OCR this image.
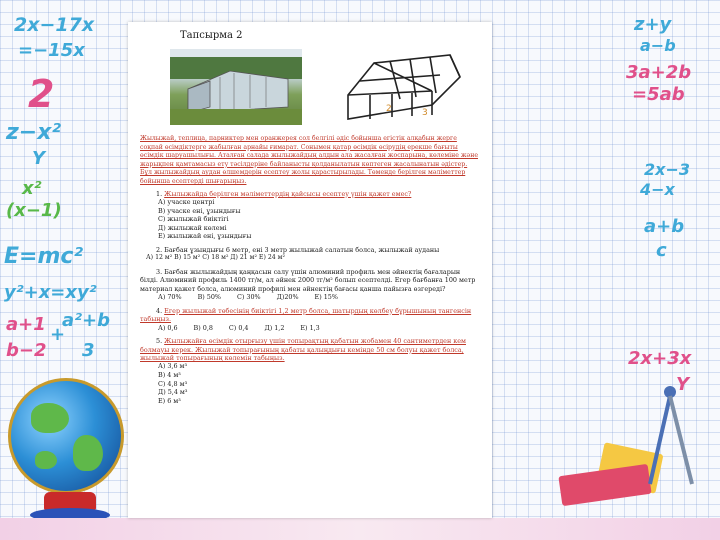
2x−17x
=−15x
2
z−x²
Y
x²
(x−1)
E=mc²
y²+x=xy²
a+1
b−2
+
a²+b
3
z+y
a−b
3a+2b
=5ab
2x−3
4−x
a+b
c
2x+3x
Y
Тапсырма 2
2	3
Жылыжай, теплица, парниктер мен оранжерея сол белгілі әдіс бойынша егістік алқабын жерге соқпай өсімдіктерге жабылған арнайы ғимарат. Сонымен қатар өсімдік өсірудің ерекше бағыты өсімдік шаруашылығы. Аталған салада жылыжайдың алдын ала жасалған жоспарына, көлеміне және жарықпен қамтамасыз ету тәсілдеріне байланысты қолданылатын көптеген жасалынатын әдістер. Бұл жылыжайдың аудан өлшемдерін есептеу жолы қарастырылады. Төменде берілген мәліметтер бойынша есептерді шығарыңыз.
1. Жылыжайда берілген мәліметтердің қайсысы есептеу үшін қажет емес?
А) учаске центрі
В) учаске ені, ұзындығы
С) жылыжай биіктігі
Д) жылыжай көлемі
Е) жылыжай ені, ұзындығы
2. Бағбан ұзындығы 6 метр, ені 3 метр жылыжай салатын болса, жылыжай ауданы
А) 12 м² В) 15 м² С) 18 м² Д) 21 м² Е) 24 м²
3. Бағбан жылыжайдың қаңқасын салу үшін алюминий профиль мен әйнектің бағаларын білді. Алюминий профиль 1400 тг/м, ал әйнек 2000 тг/м² болып есептелді. Егер бағбанға 100 метр материал қажет болса, алюминий профилі мен әйнектің бағасы қанша пайызға өзгереді?
А) 70%	В) 50%	С) 30%	Д)20%	Е) 15%
4. Егер жылыжай төбесінің биіктігі 1,2 метр болса, шатырдың көлбеу бұрышының тангенсін табыңыз.
А) 0,6	В) 0,8	С) 0,4	Д) 1,2	Е) 1,3
5. Жылыжайға өсімдік отырғызу үшін топырақтың қабатын жобамен 40 сантиметрден кем болмауы керек. Жылыжай топырағының қабаты қалыңдығы кемінде 50 см болуы қажет болса, жылыжай топырағының көлемін табыңыз.
А) 3,6 м³
В) 4 м³
С) 4,8 м³
Д) 5,4 м³
Е) 6 м³
